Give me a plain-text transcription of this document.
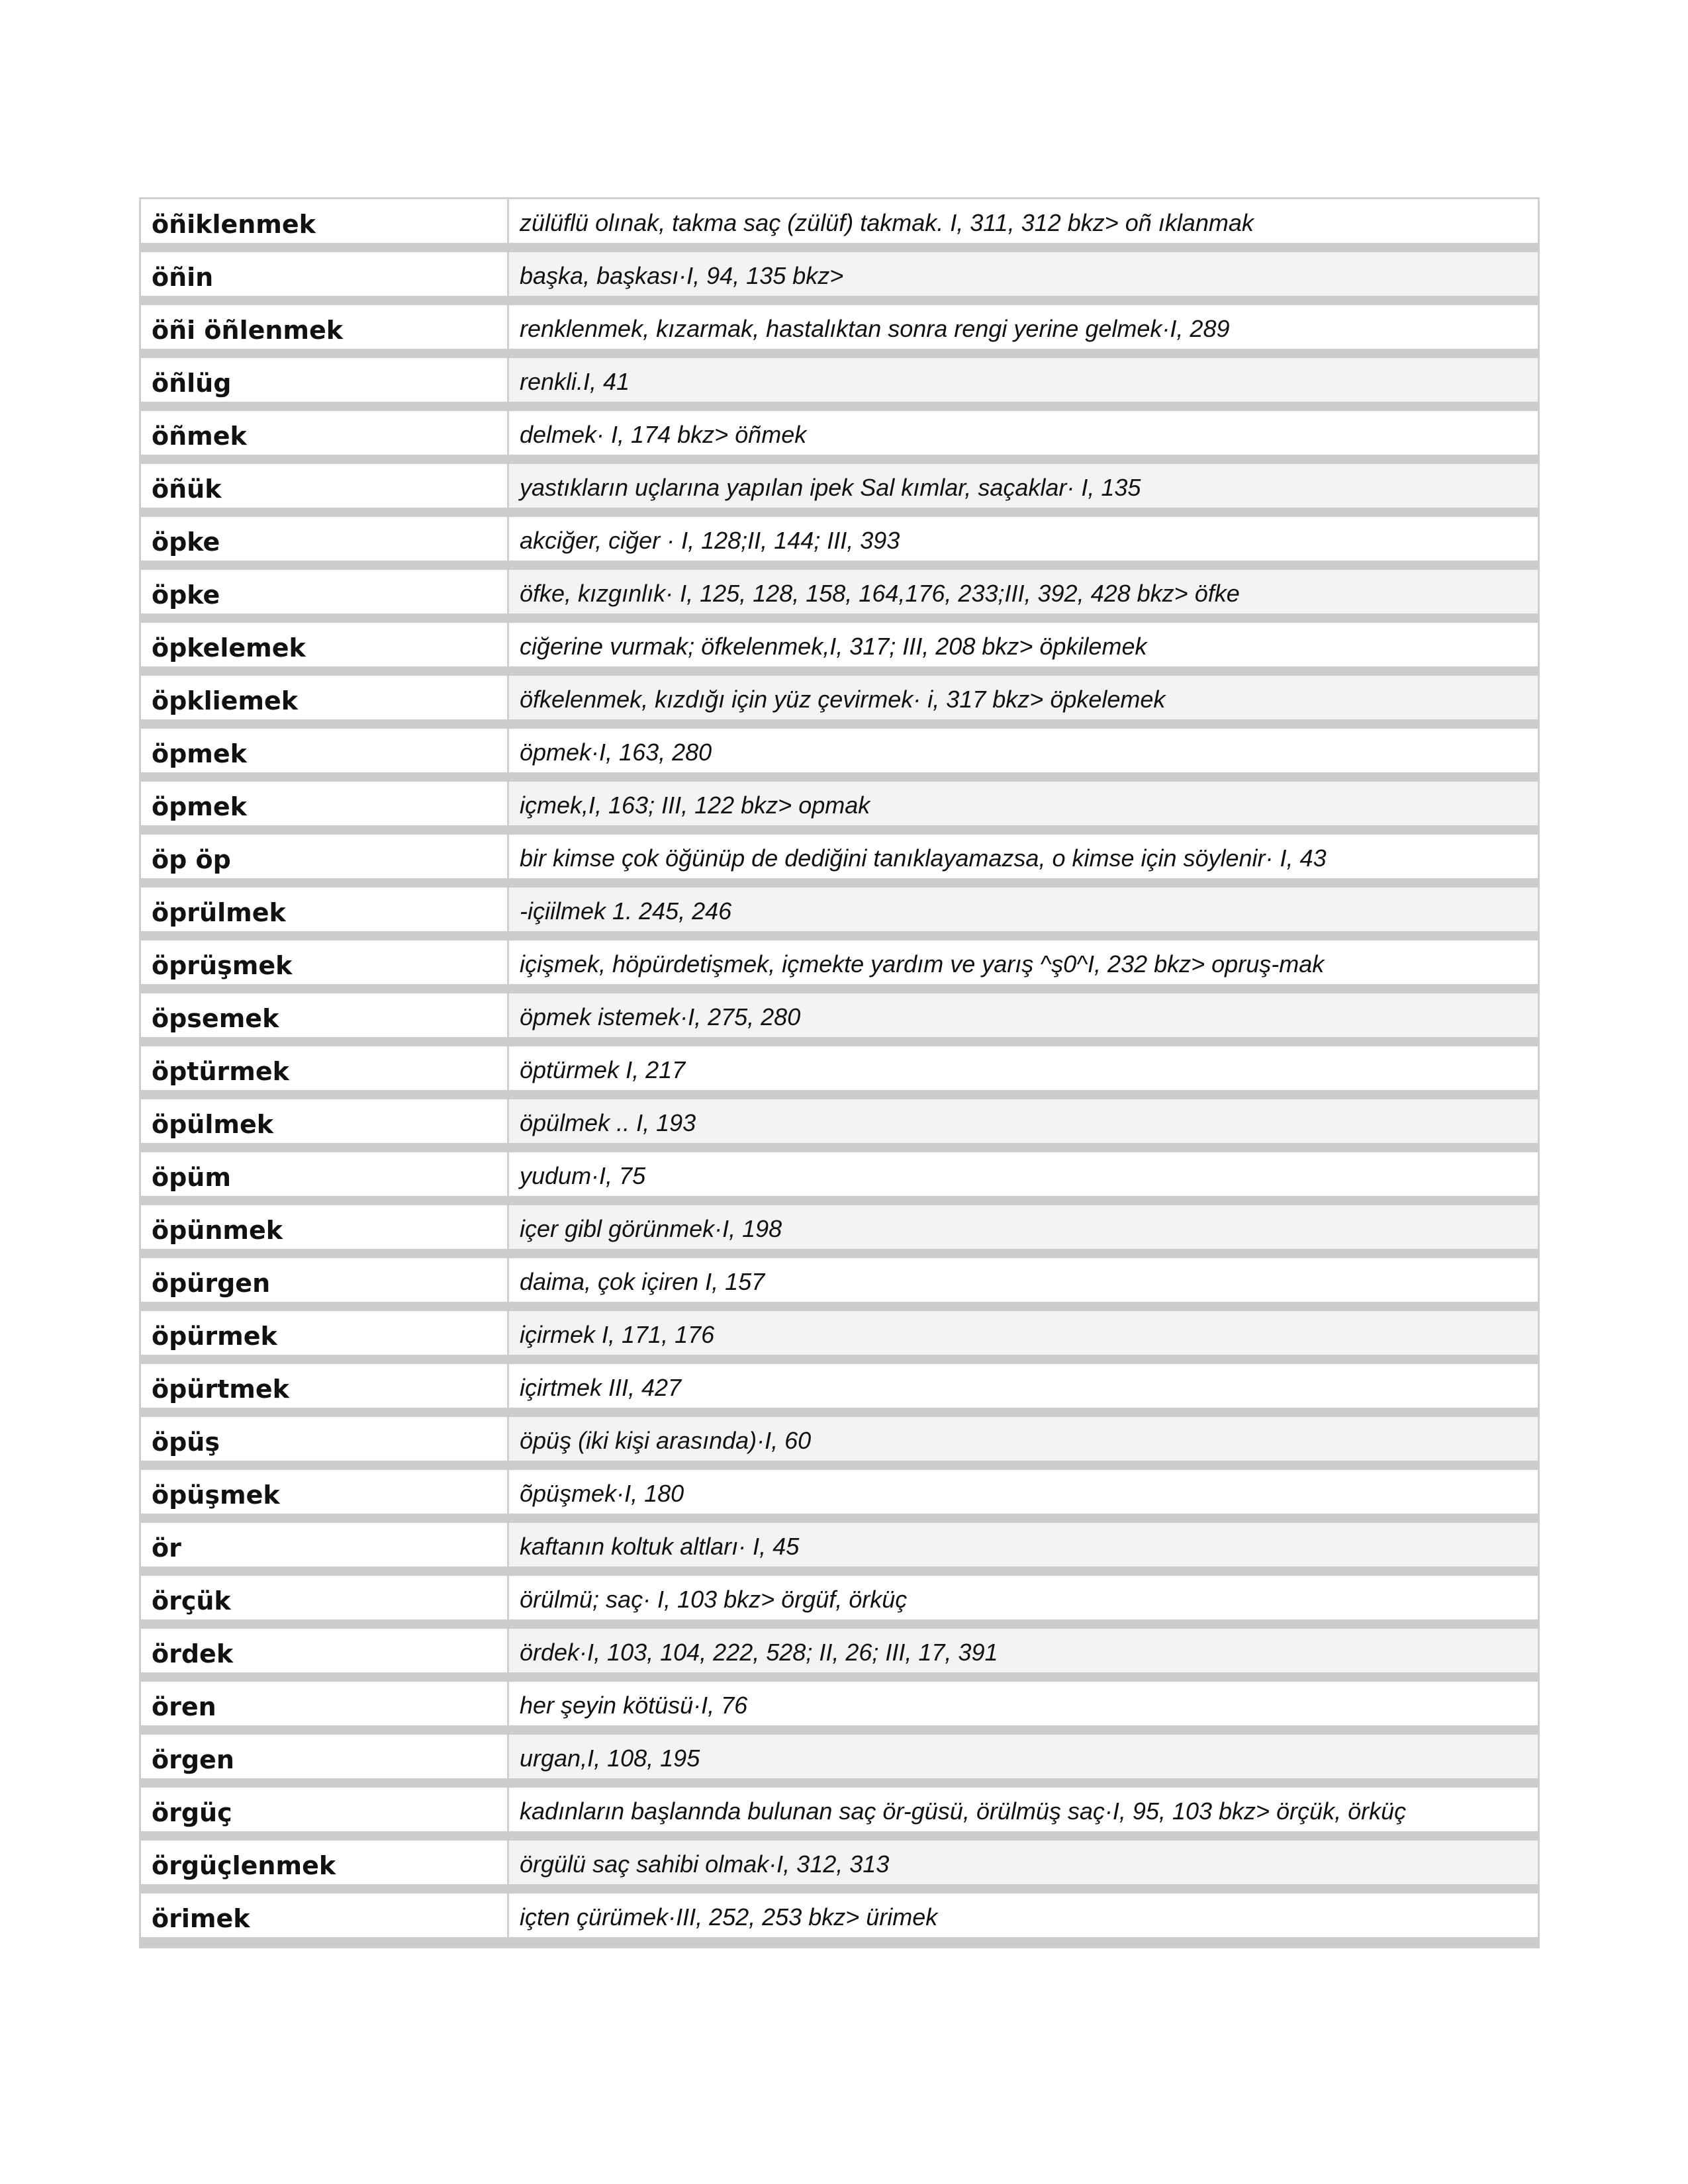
öñiklenmek	zülüflü olınak, takma saç (zülüf) takmak. I, 311, 312 bkz> oñ ıklanmak
öñin	başka, başkası·I, 94, 135 bkz>
öñi öñlenmek	renklenmek, kızarmak, hastalıktan sonra rengi yerine gelmek·I, 289
öñlüg	renkli.I, 41
öñmek	delmek· I, 174 bkz> öñmek
öñük	yastıkların uçlarına yapılan ipek Sal kımlar, saçaklar· I, 135
öpke	akciğer, ciğer · I, 128;II, 144; III, 393
öpke	öfke, kızgınlık· I, 125, 128, 158, 164,176, 233;III, 392, 428 bkz> öfke
öpkelemek	ciğerine vurmak; öfkelenmek,I, 317; III, 208 bkz> öpkilemek
öpkliemek	öfkelenmek, kızdığı için yüz çevirmek· i, 317 bkz> öpkelemek
öpmek	öpmek·I, 163, 280
öpmek	içmek,I, 163; III, 122 bkz> opmak
öp öp	bir kimse çok öğünüp de dediğini tanıklayamazsa, o kimse için söylenir· I, 43
öprülmek	-içiilmek 1. 245, 246
öprüşmek	içişmek, höpürdetişmek, içmekte yardım ve yarış ^ş0^I, 232 bkz> opruş-mak
öpsemek	öpmek istemek·I, 275, 280
öptürmek	öptürmek I, 217
öpülmek	öpülmek .. I, 193
öpüm	yudum·I, 75
öpünmek	içer gibl görünmek·I, 198
öpürgen	daima, çok içiren I, 157
öpürmek	içirmek I, 171, 176
öpürtmek	içirtmek III, 427
öpüş	öpüş (iki kişi arasında)·I, 60
öpüşmek	õpüşmek·I, 180
ör	kaftanın koltuk altları· I, 45
örçük	örülmü; saç· I, 103 bkz> örgüf, örküç
ördek	ördek·I, 103, 104, 222, 528; II, 26; III, 17, 391
ören	her şeyin kötüsü·I, 76
örgen	urgan,I, 108, 195
örgüç	kadınların başlannda bulunan saç ör-güsü, örülmüş saç·I, 95, 103 bkz> örçük, örküç
örgüçlenmek	örgülü saç sahibi olmak·I, 312, 313
örimek	içten çürümek·III, 252, 253 bkz> ürimek
